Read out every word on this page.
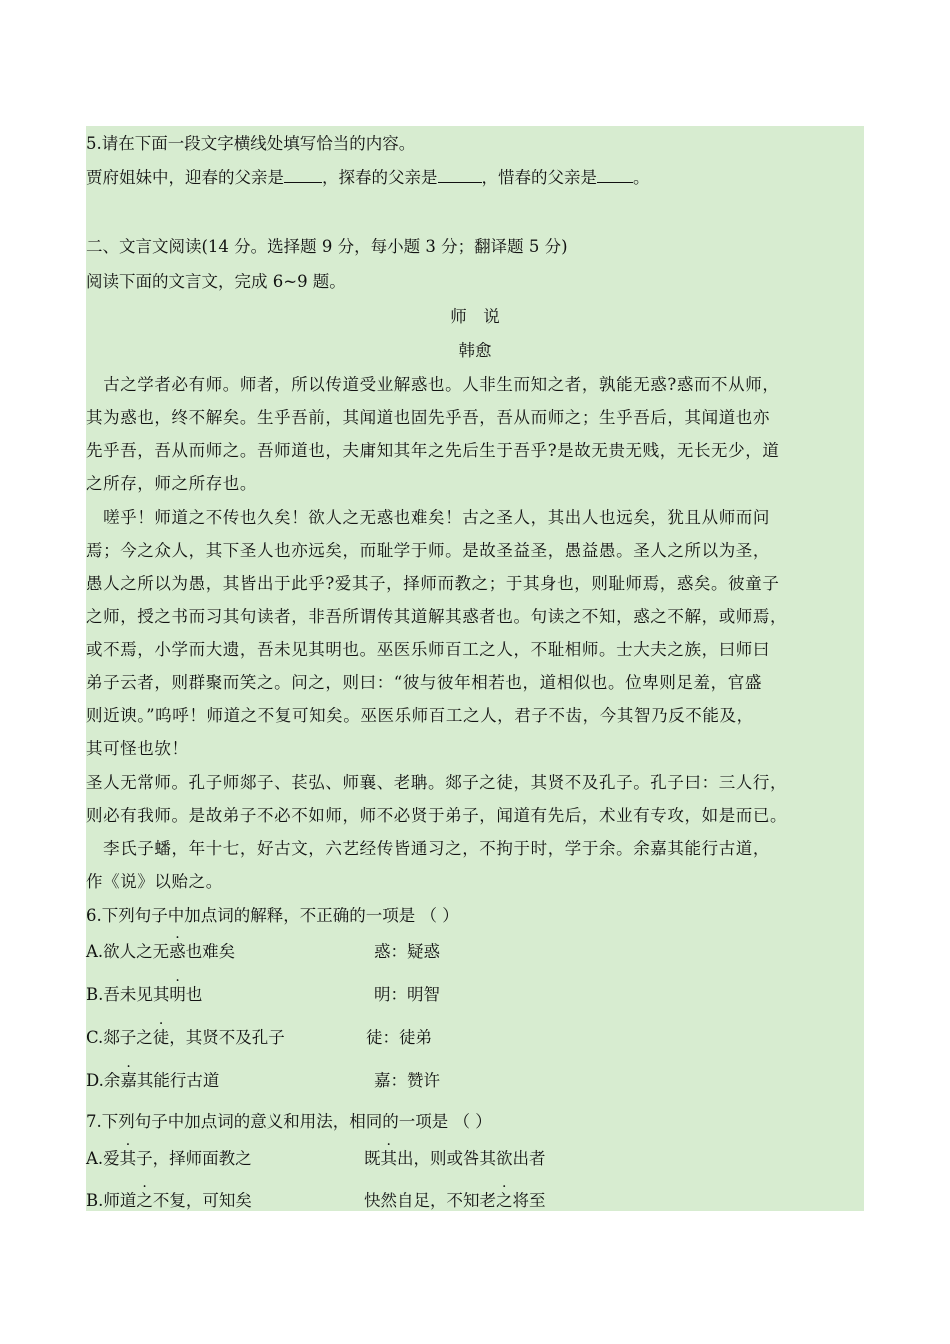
5.请在下面一段文字横线处填写恰当的内容。
贾府姐妹中，迎春的父亲是 ，探春的父亲是	，惜春的父亲是 。
二、文言文阅读(14 分。选择题 9 分，每小题 3 分；翻译题 5 分)
阅读下面的文言文，完成 6~9 题。
师　说
韩愈
　古之学者必有师。师者，所以传道受业解惑也。人非生而知之者，孰能无惑?惑而不从师，
其为惑也，终不解矣。生乎吾前，其闻道也固先乎吾，吾从而师之；生乎吾后，其闻道也亦
先乎吾，吾从而师之。吾师道也，夫庸知其年之先后生于吾乎?是故无贵无贱，无长无少，道
之所存，师之所存也。
　嗟乎！师道之不传也久矣！欲人之无惑也难矣！古之圣人，其出人也远矣，犹且从师而问
焉；今之众人，其下圣人也亦远矣，而耻学于师。是故圣益圣，愚益愚。圣人之所以为圣，
愚人之所以为愚，其皆出于此乎?爱其子，择师而教之；于其身也，则耻师焉，惑矣。彼童子
之师，授之书而习其句读者，非吾所谓传其道解其惑者也。句读之不知，惑之不解，或师焉，
或不焉，小学而大遗，吾未见其明也。巫医乐师百工之人，不耻相师。士大夫之族，曰师曰
弟子云者，则群聚而笑之。问之，则曰：“彼与彼年相若也，道相似也。位卑则足羞，官盛
则近谀。”呜呼！师道之不复可知矣。巫医乐师百工之人，君子不齿，今其智乃反不能及，
其可怪也欤！
圣人无常师。孔子师郯子、苌弘、师襄、老聃。郯子之徒，其贤不及孔子。孔子曰：三人行，
则必有我师。是故弟子不必不如师，师不必贤于弟子，闻道有先后，术业有专攻，如是而已。
　李氏子蟠，年十七，好古文，六艺经传皆通习之，不拘于时，学于余。余嘉其能行古道，
作《说》以贻之。
6.下列句子中加点词的解释，不正确的一项是 （ ）
A.欲人之无惑也难矣	惑：疑惑
B.吾未见其明也	明：明智
C.郯子之徒，其贤不及孔子	徒：徒弟
D.余嘉其能行古道	嘉：赞许
7.下列句子中加点词的意义和用法，相同的一项是 （ ）
A.爱其子，择师面教之	既其出，则或咎其欲出者
B.师道之不复，可知矣	快然自足，不知老之将至
